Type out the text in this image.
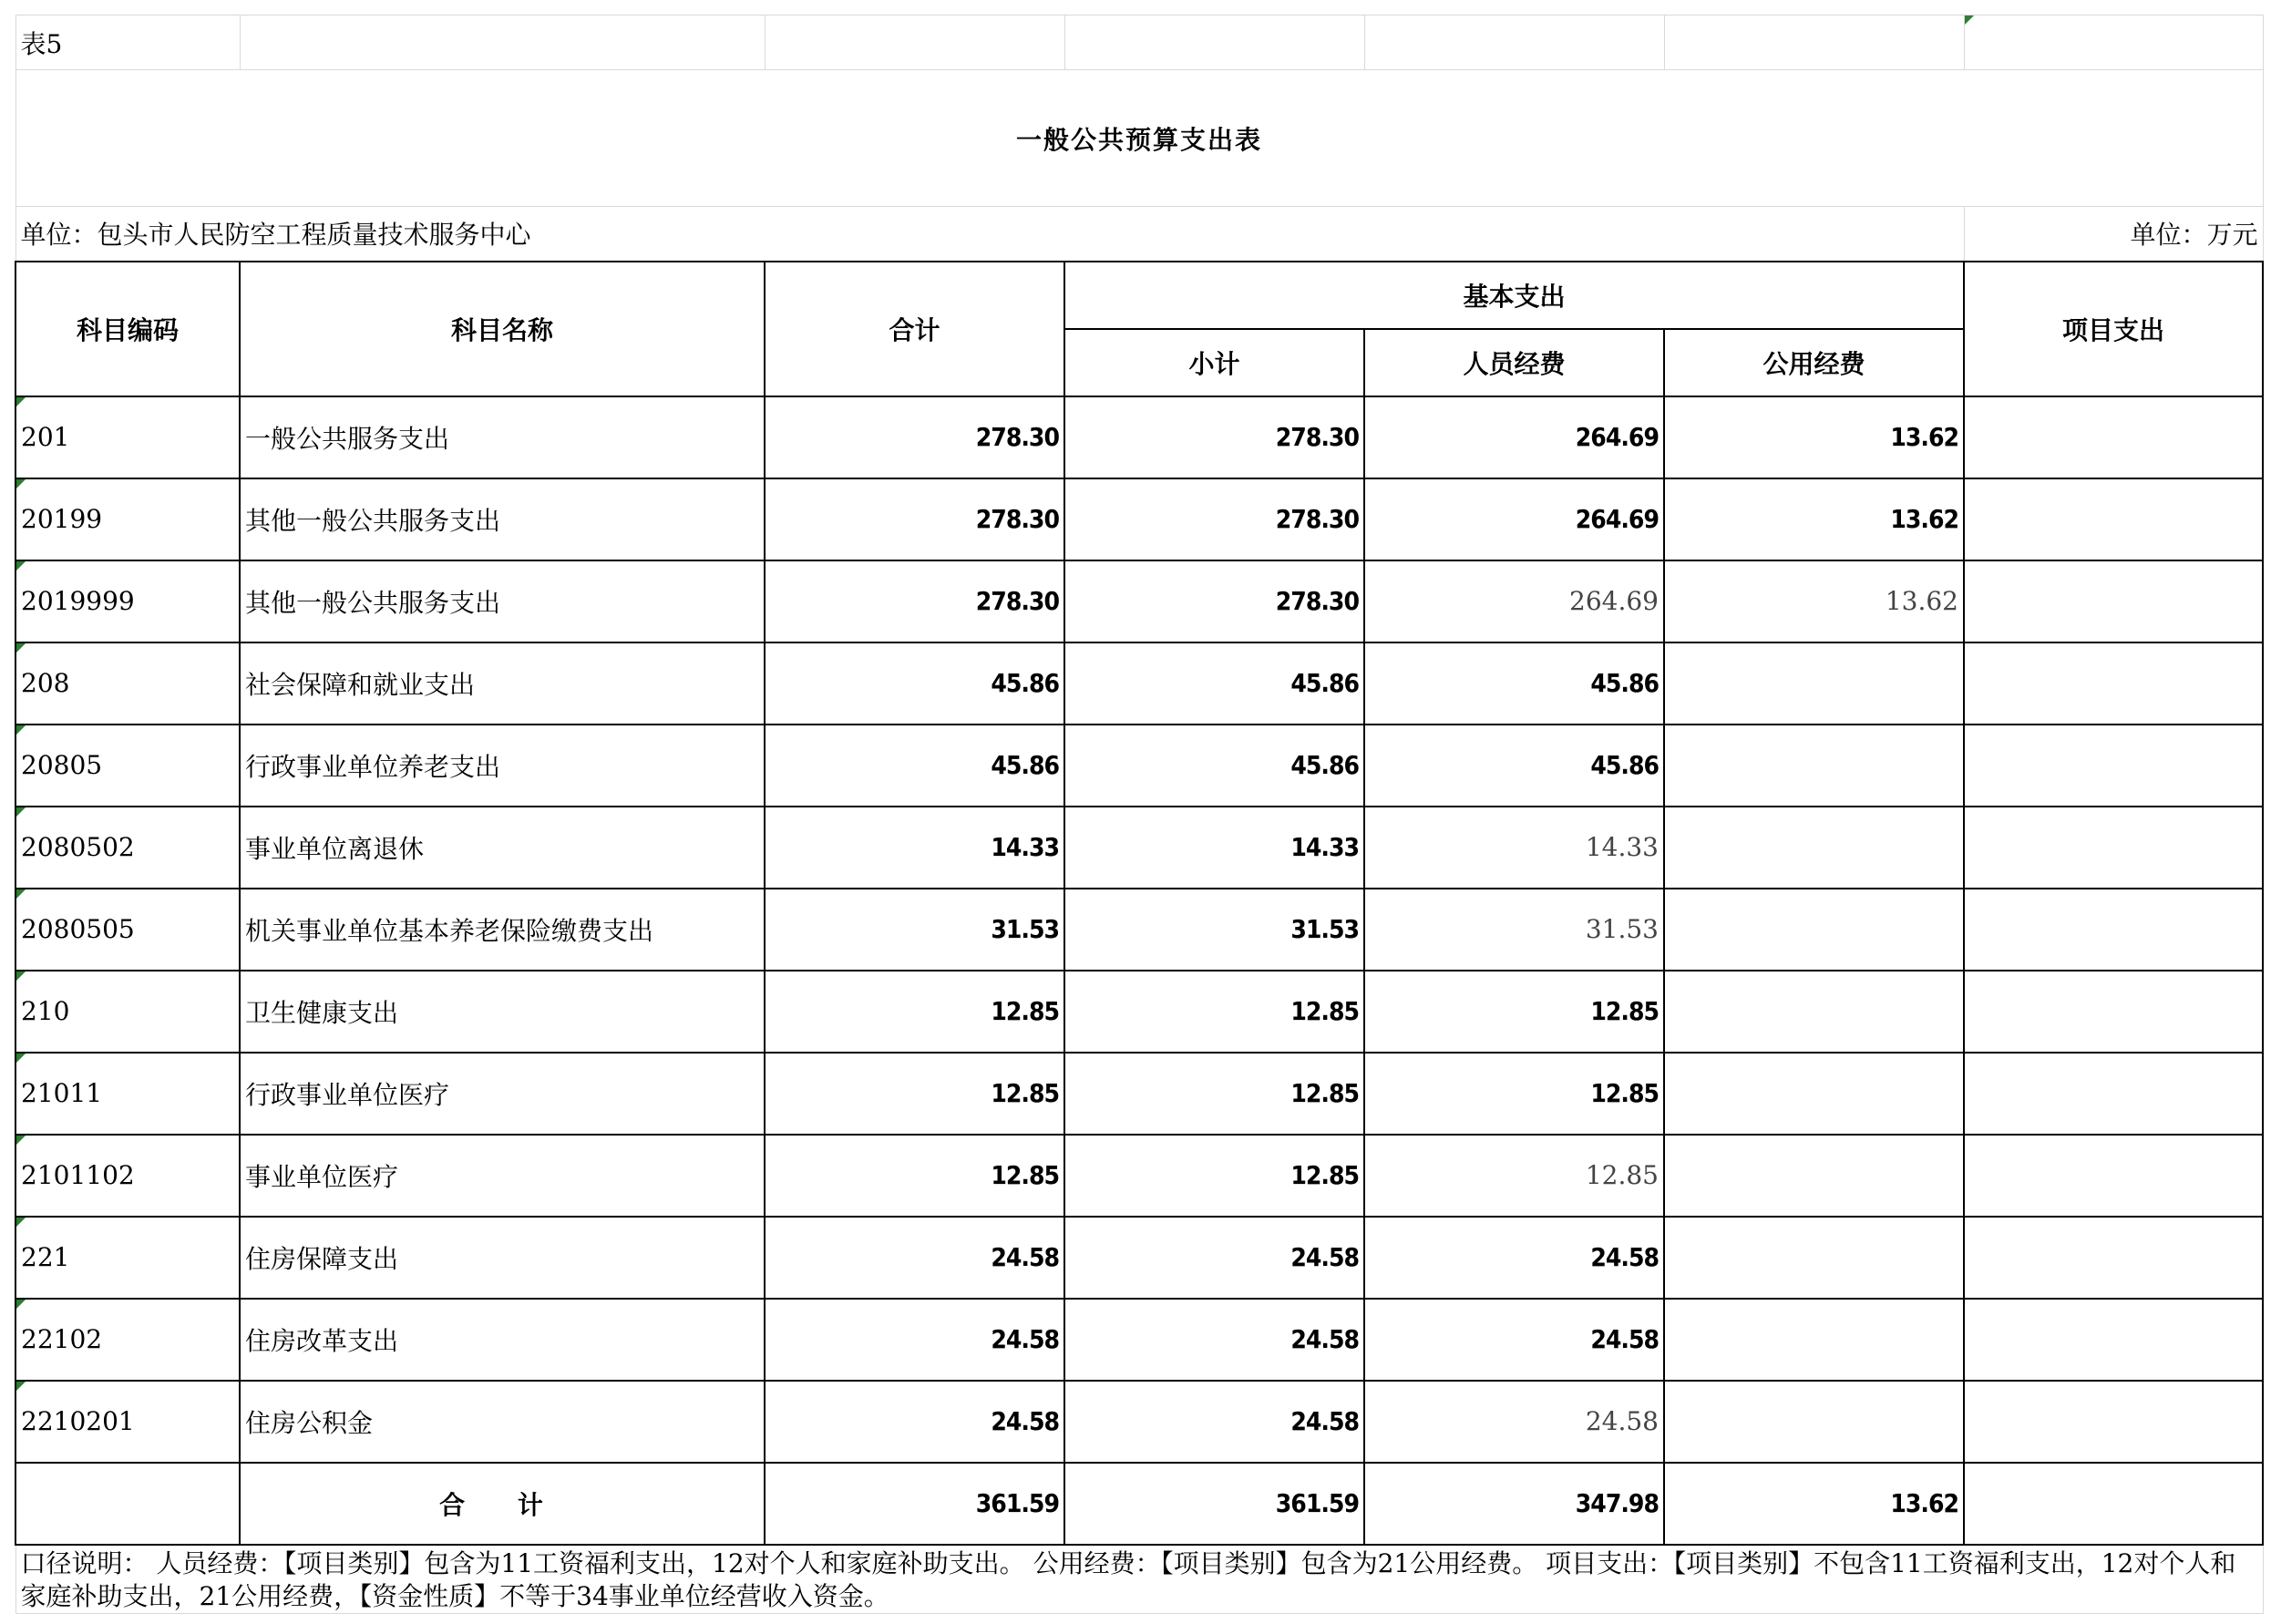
表5						

一般公共预算支出表						
单位：包头市人民防空工程质量技术服务中心						单位：万元
科目编码	科目名称	合计	基本支出			项目支出
			小计	人员经费	公用经费	

201	一般公共服务支出	278.30	278.30	264.69	13.62	

20199	其他一般公共服务支出	278.30	278.30	264.69	13.62	

2019999	其他一般公共服务支出	278.30	278.30	264.69	13.62	

208	社会保障和就业支出	45.86	45.86	45.86		

20805	行政事业单位养老支出	45.86	45.86	45.86		

2080502	事业单位离退休	14.33	14.33	14.33		

2080505	机关事业单位基本养老保险缴费支出	31.53	31.53	31.53		

210	卫生健康支出	12.85	12.85	12.85		

21011	行政事业单位医疗	12.85	12.85	12.85		

2101102	事业单位医疗	12.85	12.85	12.85		

221	住房保障支出	24.58	24.58	24.58		

22102	住房改革支出	24.58	24.58	24.58		

2210201	住房公积金	24.58	24.58	24.58		
	合 计	361.59	361.59	347.98	13.62	
口径说明： 人员经费：【项目类别】包含为11工资福利支出，12对个人和家庭补助支出。 公用经费：【项目类别】包含为21公用经费。 项目支出：【项目类别】不包含11工资福利支出，12对个人和家庭补助支出，21公用经费，【资金性质】不等于34事业单位经营收入资金。						
